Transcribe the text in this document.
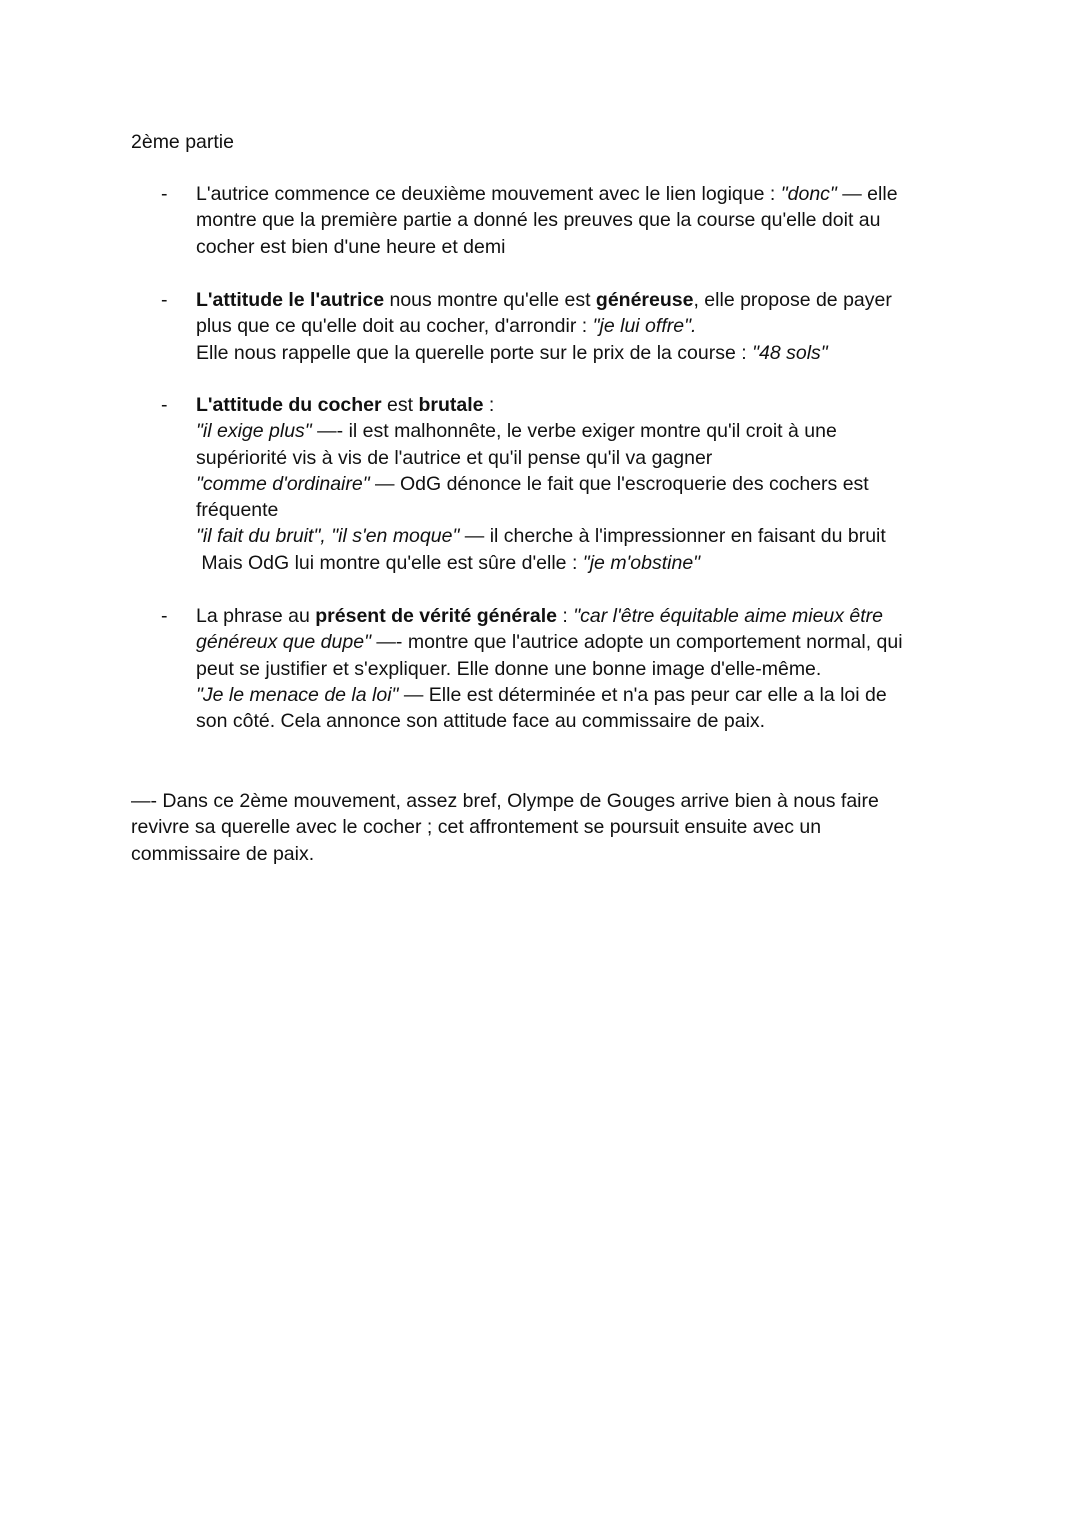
2ème partie
- L'autrice commence ce deuxième mouvement avec le lien logique : "donc" — elle
montre que la première partie a donné les preuves que la course qu'elle doit au
cocher est bien d'une heure et demi
- L'attitude le l'autrice nous montre qu'elle est généreuse, elle propose de payer
plus que ce qu'elle doit au cocher, d'arrondir : "je lui offre".
Elle nous rappelle que la querelle porte sur le prix de la course : "48 sols"
- L'attitude du cocher est brutale :
"il exige plus" —- il est malhonnête, le verbe exiger montre qu'il croit à une
supériorité vis à vis de l'autrice et qu'il pense qu'il va gagner
"comme d'ordinaire" — OdG dénonce le fait que l'escroquerie des cochers est
fréquente
"il fait du bruit", "il s'en moque" — il cherche à l'impressionner en faisant du bruit
Mais OdG lui montre qu'elle est sûre d'elle : "je m'obstine"
- La phrase au présent de vérité générale : "car l'être équitable aime mieux être
généreux que dupe" —- montre que l'autrice adopte un comportement normal, qui
peut se justifier et s'expliquer. Elle donne une bonne image d'elle-même.
"Je le menace de la loi" — Elle est déterminée et n'a pas peur car elle a la loi de
son côté. Cela annonce son attitude face au commissaire de paix.
—- Dans ce 2ème mouvement, assez bref, Olympe de Gouges arrive bien à nous faire
revivre sa querelle avec le cocher ; cet affrontement se poursuit ensuite avec un
commissaire de paix.
